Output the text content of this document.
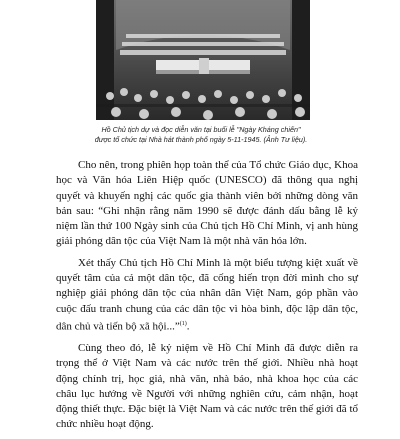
Hồ Chủ tịch dự và đọc diễn văn tại buổi lễ "Ngày Kháng chiến"
được tổ chức tại Nhà hát thành phố ngày 5-11-1945. (Ảnh Tư liệu).

Cho nên, trong phiên họp toàn thể của Tổ chức Giáo dục, Khoa học và Văn hóa Liên Hiệp quốc (UNESCO) đã thông qua nghị quyết và khuyến nghị các quốc gia thành viên bởi những dòng văn bản sau: “Ghi nhận rằng năm 1990 sẽ được đánh dấu bằng lễ kỷ niệm lần thứ 100 Ngày sinh của Chủ tịch Hồ Chí Minh, vị anh hùng giải phóng dân tộc của Việt Nam là một nhà văn hóa lớn.

Xét thấy Chủ tịch Hồ Chí Minh là một biểu tượng kiệt xuất về quyết tâm của cả một dân tộc, đã cống hiến trọn đời mình cho sự nghiệp giải phóng dân tộc của nhân dân Việt Nam, góp phần vào cuộc đấu tranh chung của các dân tộc vì hòa bình, độc lập dân tộc, dân chủ và tiến bộ xã hội...”$^{(1)}$.

Cùng theo đó, lễ kỷ niệm về Hồ Chí Minh đã được diễn ra trọng thể ở Việt Nam và các nước trên thế giới. Nhiều nhà hoạt động chính trị, học giả, nhà văn, nhà báo, nhà khoa học của các châu lục hướng về Người với những nghiên cứu, cảm nhận, hoạt động thiết thực. Đặc biệt là Việt Nam và các nước trên thế giới đã tổ chức nhiều hoạt động.
